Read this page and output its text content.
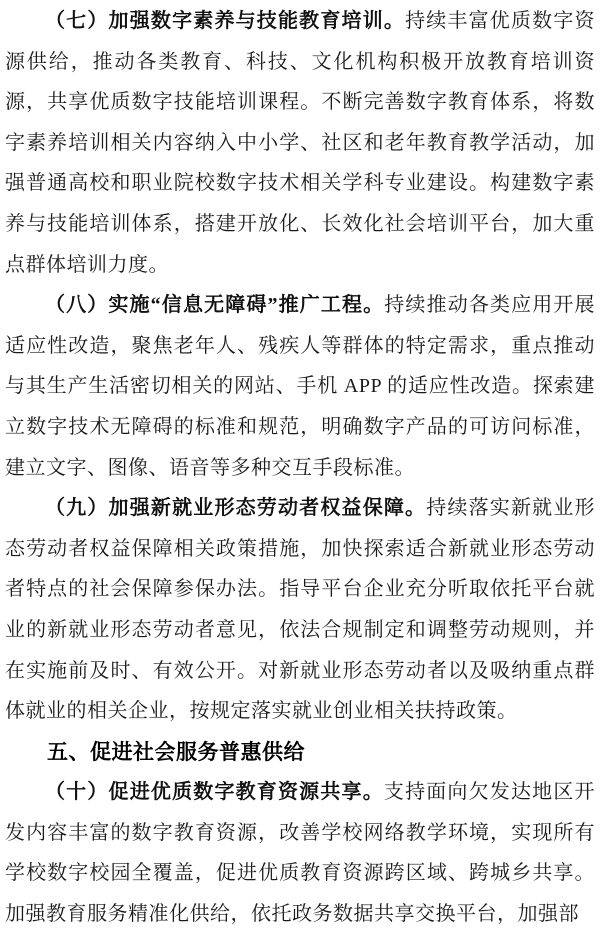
（七）加强数字素养与技能教育培训。持续丰富优质数字资源供给，推动各类教育、科技、文化机构积极开放教育培训资源，共享优质数字技能培训课程。不断完善数字教育体系，将数字素养培训相关内容纳入中小学、社区和老年教育教学活动，加强普通高校和职业院校数字技术相关学科专业建设。构建数字素养与技能培训体系，搭建开放化、长效化社会培训平台，加大重点群体培训力度。

（八）实施“信息无障碍”推广工程。持续推动各类应用开展适应性改造，聚焦老年人、残疾人等群体的特定需求，重点推动与其生产生活密切相关的网站、手机 APP 的适应性改造。探索建立数字技术无障碍的标准和规范，明确数字产品的可访问标准，建立文字、图像、语音等多种交互手段标准。

（九）加强新就业形态劳动者权益保障。持续落实新就业形态劳动者权益保障相关政策措施，加快探索适合新就业形态劳动者特点的社会保障参保办法。指导平台企业充分听取依托平台就业的新就业形态劳动者意见，依法合规制定和调整劳动规则，并在实施前及时、有效公开。对新就业形态劳动者以及吸纳重点群体就业的相关企业，按规定落实就业创业相关扶持政策。

五、促进社会服务普惠供给

（十）促进优质数字教育资源共享。支持面向欠发达地区开发内容丰富的数字教育资源，改善学校网络教学环境，实现所有学校数字校园全覆盖，促进优质教育资源跨区域、跨城乡共享。加强教育服务精准化供给，依托政务数据共享交换平台，加强部
